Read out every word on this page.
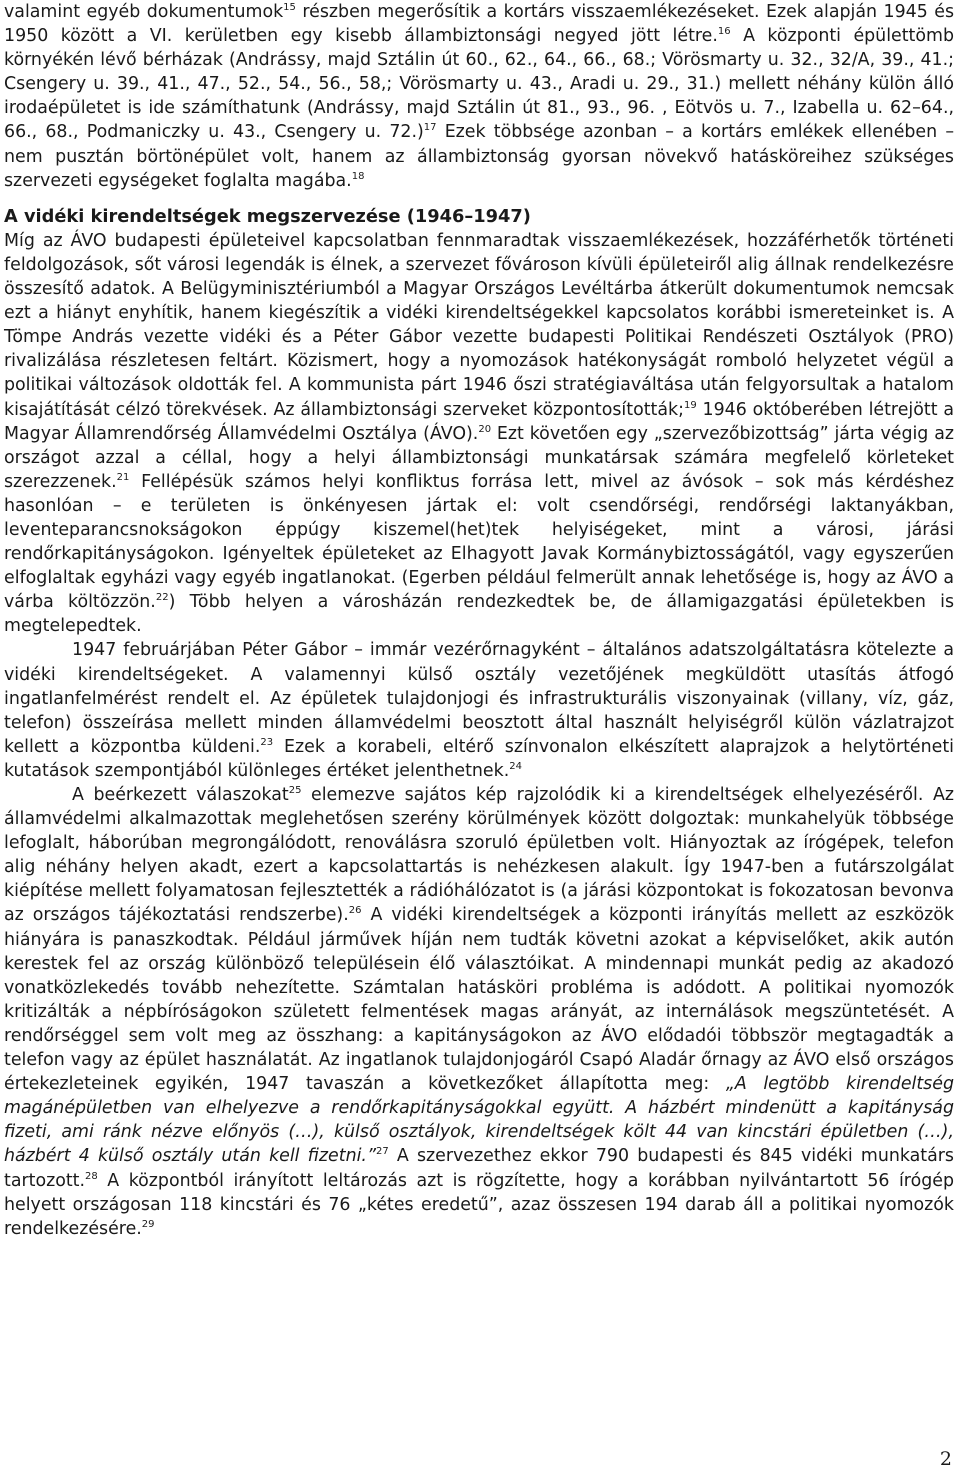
valamint egyéb dokumentumok$^{15}$ részben megerősítik a kortárs visszaemlékezéseket. Ezek alapján 1945 és 1950 között a VI. kerületben egy kisebb állambiztonsági negyed jött létre.$^{16}$ A központi épülettömb környékén lévő bérházak (Andrássy, majd Sztálin út 60., 62., 64., 66., 68.; Vörösmarty u. 32., 32/A, 39., 41.; Csengery u. 39., 41., 47., 52., 54., 56., 58,; Vörösmarty u. 43., Aradi u. 29., 31.) mellett néhány külön álló irodaépületet is ide számíthatunk (Andrássy, majd Sztálin út 81., 93., 96. , Eötvös u. 7., Izabella u. 62–64., 66., 68., Podmaniczky u. 43., Csengery u. 72.)$^{17}$ Ezek többsége azonban – a kortárs emlékek ellenében – nem pusztán börtönépület volt, hanem az állambiztonság gyorsan növekvő hatásköreihez szükséges szervezeti egységeket foglalta magába.$^{18}$

A vidéki kirendeltségek megszervezése (1946–1947)

Míg az ÁVO budapesti épületeivel kapcsolatban fennmaradtak visszaemlékezések, hozzáférhetők történeti feldolgozások, sőt városi legendák is élnek, a szervezet fővároson kívüli épületeiről alig állnak rendelkezésre összesítő adatok. A Belügyminisztériumból a Magyar Országos Levéltárba átkerült dokumentumok nemcsak ezt a hiányt enyhítik, hanem kiegészítik a vidéki kirendeltségekkel kapcsolatos korábbi ismereteinket is. A Tömpe András vezette vidéki és a Péter Gábor vezette budapesti Politikai Rendészeti Osztályok (PRO) rivalizálása részletesen feltárt. Közismert, hogy a nyomozások hatékonyságát romboló helyzetet végül a politikai változások oldották fel. A kommunista párt 1946 őszi stratégiaváltása után felgyorsultak a hatalom kisajátítását célzó törekvések. Az állambiztonsági szerveket központosították;$^{19}$ 1946 októberében létrejött a Magyar Államrendőrség Államvédelmi Osztálya (ÁVO).$^{20}$ Ezt követően egy „szervezőbizottság” járta végig az országot azzal a céllal, hogy a helyi állambiztonsági munkatársak számára megfelelő körleteket szerezzenek.$^{21}$ Fellépésük számos helyi konfliktus forrása lett, mivel az ávósok – sok más kérdéshez hasonlóan – e területen is önkényesen jártak el: volt csendőrségi, rendőrségi laktanyákban, leventeparancsnokságokon éppúgy kiszemel(het)tek helyiségeket, mint a városi, járási rendőrkapitányságokon. Igényeltek épületeket az Elhagyott Javak Kormánybiztosságától, vagy egyszerűen elfoglaltak egyházi vagy egyéb ingatlanokat. (Egerben például felmerült annak lehetősége is, hogy az ÁVO a várba költözzön.$^{22}$) Több helyen a városházán rendezkedtek be, de államigazgatási épületekben is megtelepedtek.

1947 februárjában Péter Gábor – immár vezérőrnagyként – általános adatszolgáltatásra kötelezte a vidéki kirendeltségeket. A valamennyi külső osztály vezetőjének megküldött utasítás átfogó ingatlanfelmérést rendelt el. Az épületek tulajdonjogi és infrastrukturális viszonyainak (villany, víz, gáz, telefon) összeírása mellett minden államvédelmi beosztott által használt helyiségről külön vázlatrajzot kellett a központba küldeni.$^{23}$ Ezek a korabeli, eltérő színvonalon elkészített alaprajzok a helytörténeti kutatások szempontjából különleges értéket jelenthetnek.$^{24}$

A beérkezett válaszokat$^{25}$ elemezve sajátos kép rajzolódik ki a kirendeltségek elhelyezéséről. Az államvédelmi alkalmazottak meglehetősen szerény körülmények között dolgoztak: munkahelyük többsége lefoglalt, háborúban megrongálódott, renoválásra szoruló épületben volt. Hiányoztak az írógépek, telefon alig néhány helyen akadt, ezert a kapcsolattartás is nehézkesen alakult. Így 1947-ben a futárszolgálat kiépítése mellett folyamatosan fejlesztették a rádióhálózatot is (a járási központokat is fokozatosan bevonva az országos tájékoztatási rendszerbe).$^{26}$ A vidéki kirendeltségek a központi irányítás mellett az eszközök hiányára is panaszkodtak. Például járművek híján nem tudták követni azokat a képviselőket, akik autón kerestek fel az ország különböző településein élő választóikat. A mindennapi munkát pedig az akadozó vonatközlekedés tovább nehezítette. Számtalan hatásköri probléma is adódott. A politikai nyomozók kritizálták a népbíróságokon született felmentések magas arányát, az internálások megszüntetését. A rendőrséggel sem volt meg az összhang: a kapitányságokon az ÁVO elődadói többször megtagadták a telefon vagy az épület használatát. Az ingatlanok tulajdonjogáról Csapó Aladár őrnagy az ÁVO első országos értekezleteinek egyikén, 1947 tavaszán a következőket állapította meg: „A legtöbb kirendeltség magánépületben van elhelyezve a rendőrkapitányságokkal együtt. A házbért mindenütt a kapitányság fizeti, ami ránk nézve előnyös (…), külső osztályok, kirendeltségek költ 44 van kincstári épületben (…), házbért 4 külső osztály után kell fizetni.”$^{27}$ A szervezethez ekkor 790 budapesti és 845 vidéki munkatárs tartozott.$^{28}$ A központból irányított leltározás azt is rögzítette, hogy a korábban nyilvántartott 56 írógép helyett országosan 118 kincstári és 76 „kétes eredetű”, azaz összesen 194 darab áll a politikai nyomozók rendelkezésére.$^{29}$

2
